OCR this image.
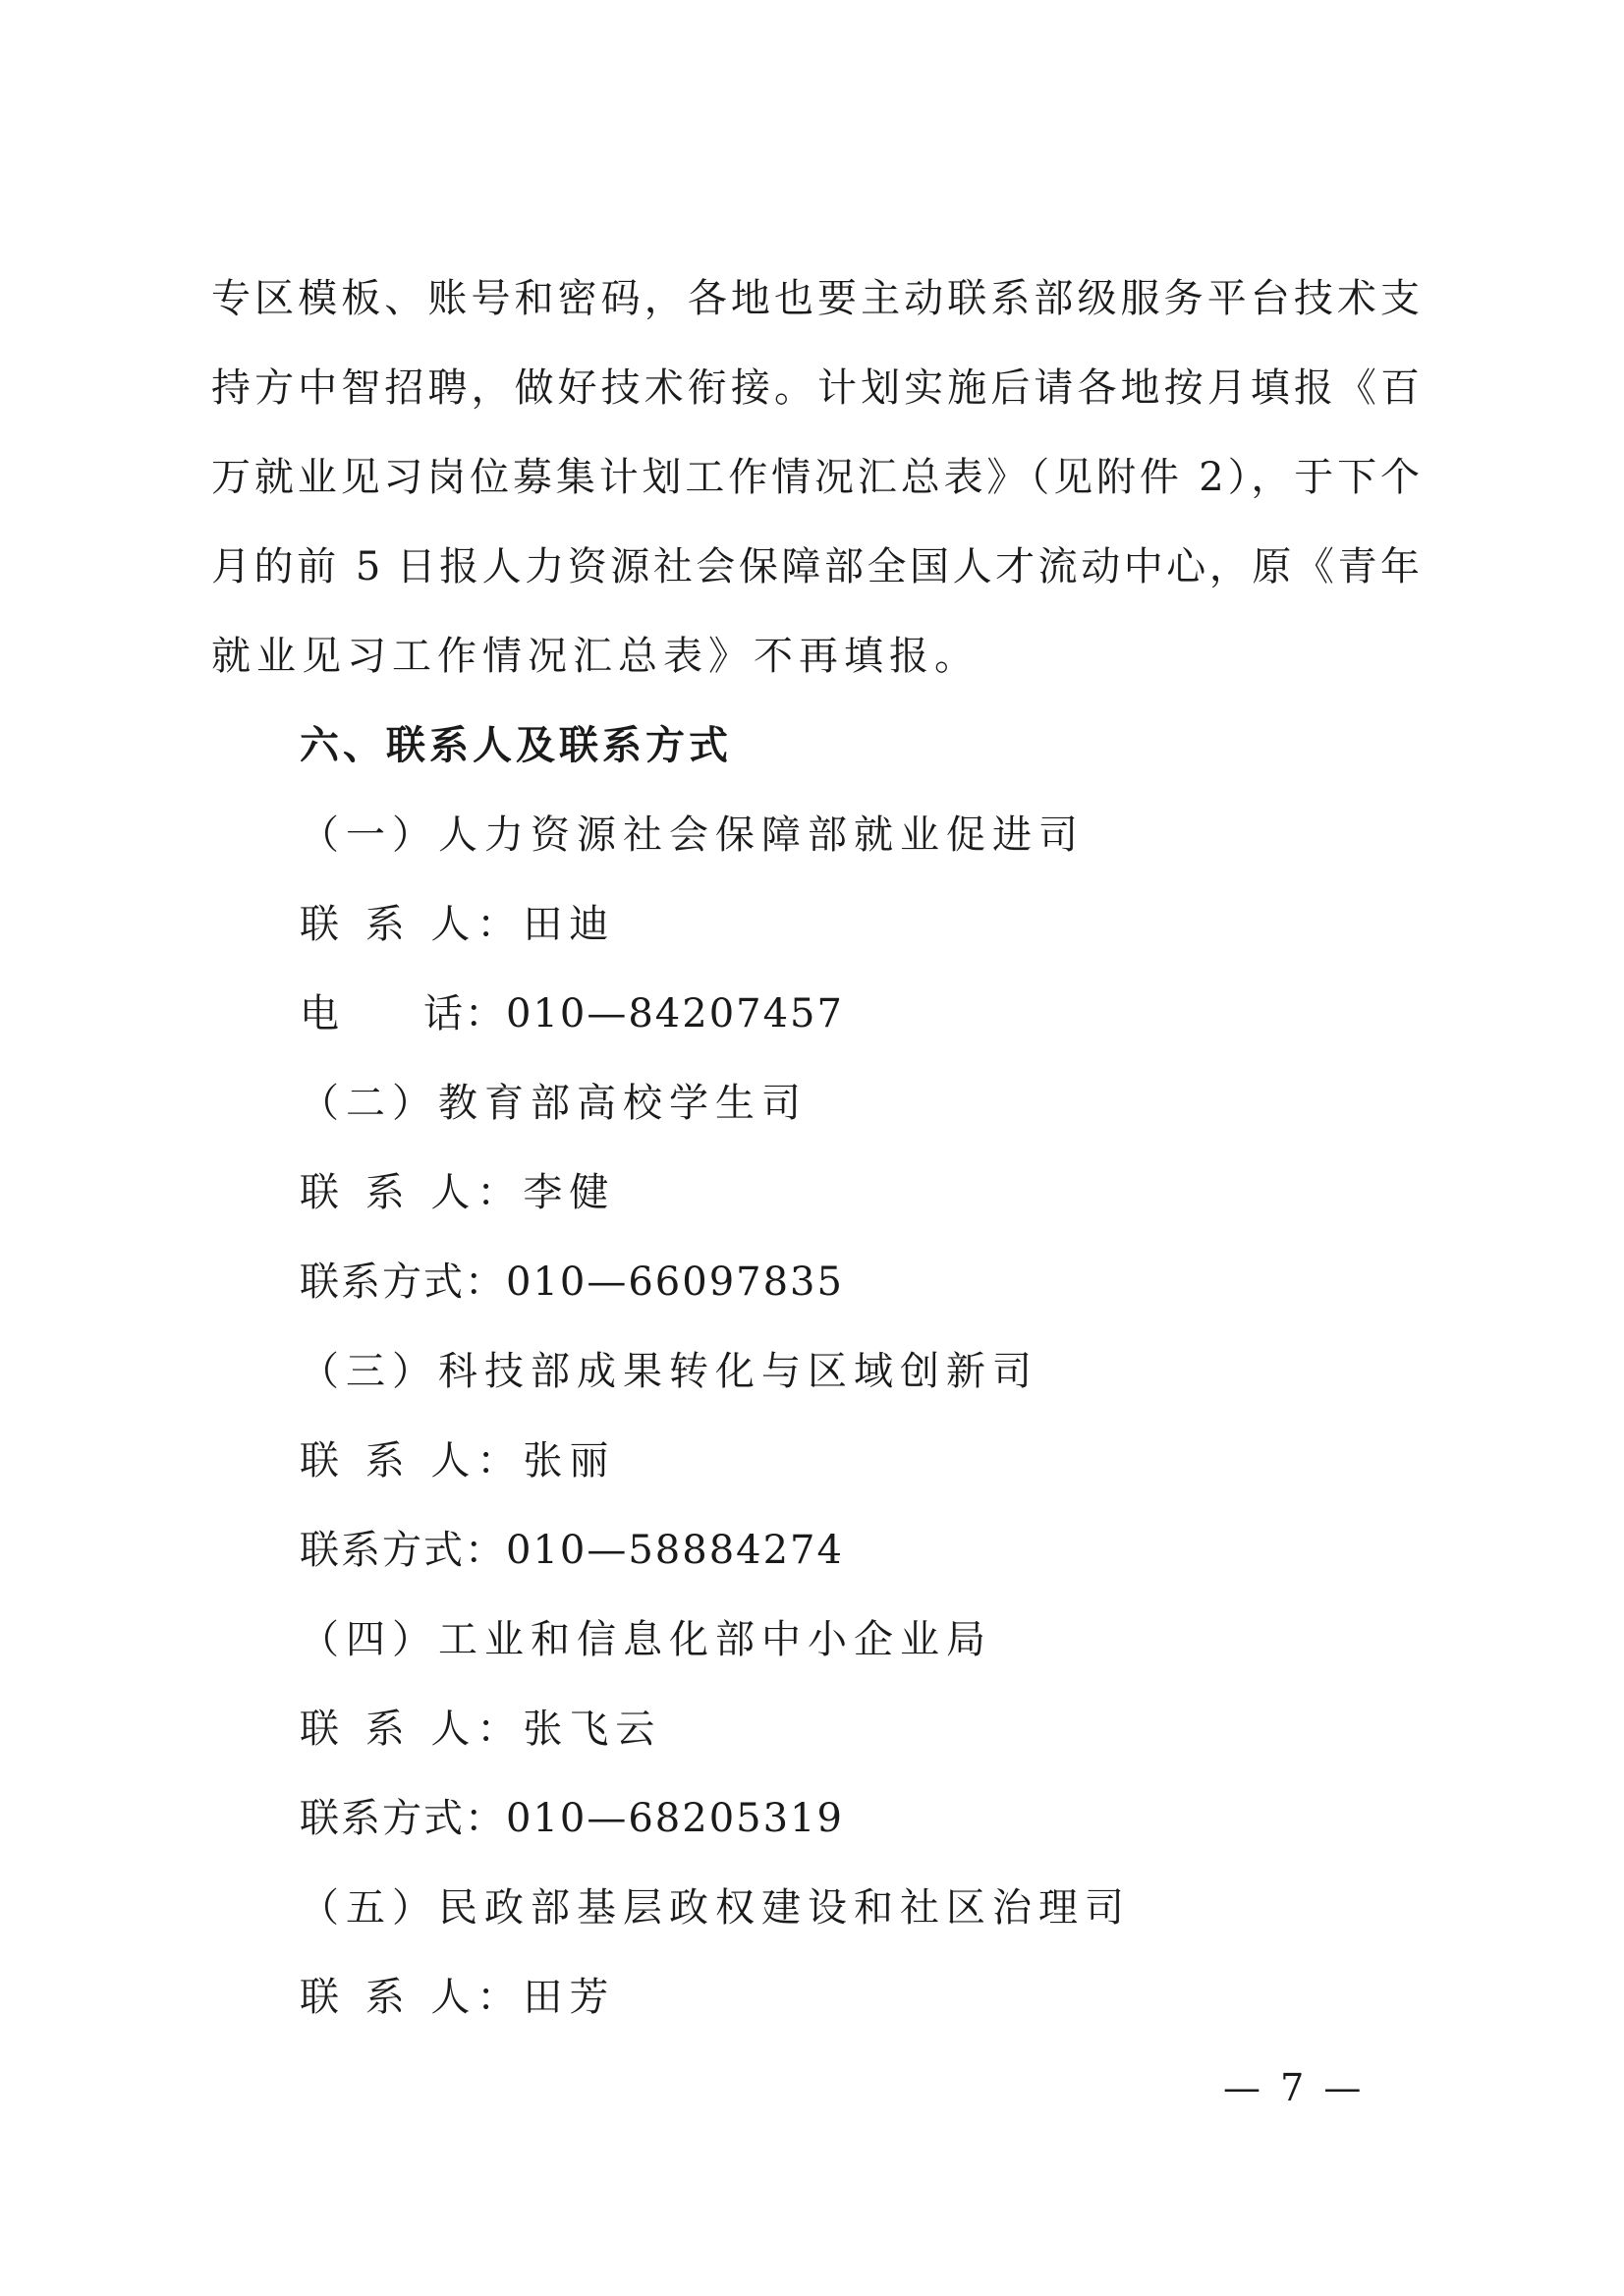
专区模板、账号和密码，各地也要主动联系部级服务平台技术支
持方中智招聘，做好技术衔接。计划实施后请各地按月填报《百
万就业见习岗位募集计划工作情况汇总表》（见附件 2），于下个
月的前 5 日报人力资源社会保障部全国人才流动中心，原《青年
就业见习工作情况汇总表》不再填报。
六、联系人及联系方式
（一）人力资源社会保障部就业促进司
联 系 人：田迪
电　　话：010—84207457
（二）教育部高校学生司
联 系 人：李健
联系方式：010—66097835
（三）科技部成果转化与区域创新司
联 系 人：张丽
联系方式：010—58884274
（四）工业和信息化部中小企业局
联 系 人：张飞云
联系方式：010—68205319
（五）民政部基层政权建设和社区治理司
联 系 人：田芳
— 7 —
